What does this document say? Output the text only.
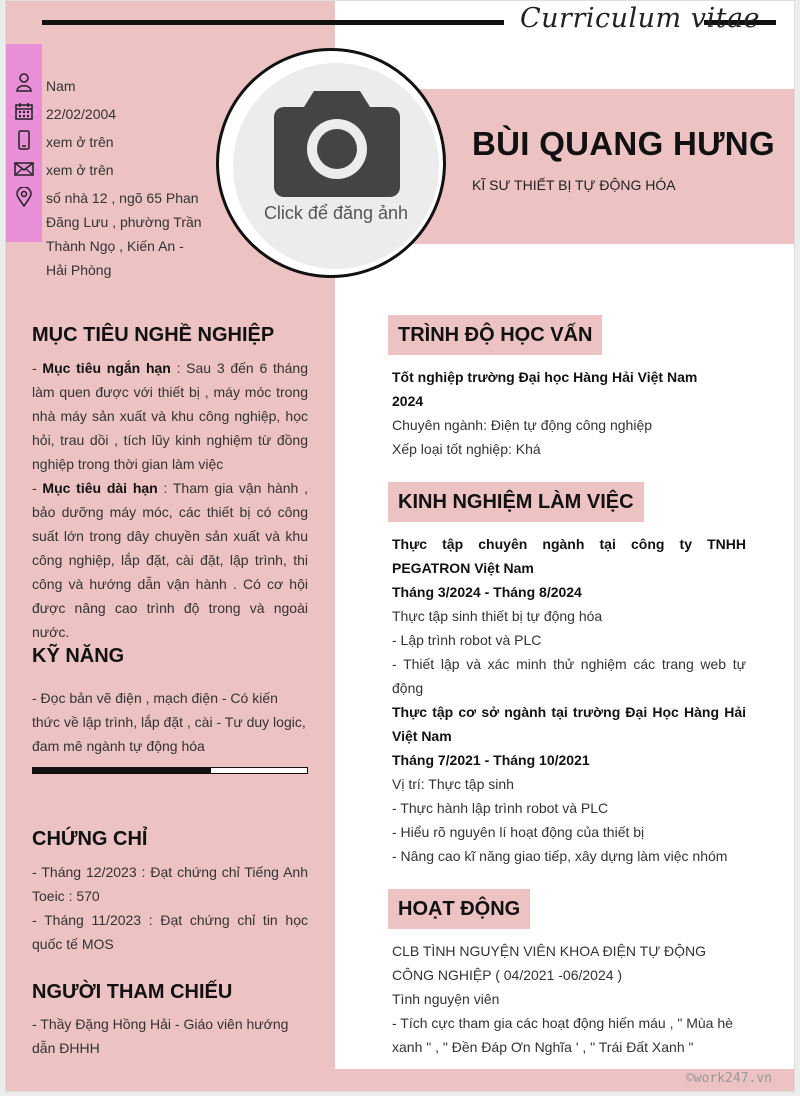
Curriculum vitae
Nam
22/02/2004
xem ở trên
xem ở trên
số nhà 12 , ngõ 65 Phan
Đăng Lưu , phường Trần
Thành Ngọ , Kiến An -
Hải Phòng
Click để đăng ảnh
BÙI QUANG HƯNG
KĨ SƯ THIẾT BỊ TỰ ĐỘNG HÓA
MỤC TIÊU NGHỀ NGHIỆP
- Mục tiêu ngắn hạn : Sau 3 đến 6 tháng làm quen được với thiết bị , máy móc trong nhà máy sản xuất và khu công nghiệp, học hỏi, trau dồi , tích lũy kinh nghiệm từ đồng nghiệp trong thời gian làm việc
- Mục tiêu dài hạn : Tham gia vận hành , bảo dưỡng máy móc, các thiết bị có công suất lớn trong dây chuyền sản xuất và khu công nghiệp, lắp đặt, cài đặt, lập trình, thi công và hướng dẫn vận hành . Có cơ hội được nâng cao trình độ trong và ngoài nước.
KỸ NĂNG
- Đọc bản vẽ điện , mạch điện - Có kiến thức về lập trình, lắp đặt , cài - Tư duy logic, đam mê ngành tự động hóa
CHỨNG CHỈ
- Tháng 12/2023 : Đạt chứng chỉ Tiếng Anh Toeic : 570
- Tháng 11/2023 : Đạt chứng chỉ tin học quốc tế MOS
NGƯỜI THAM CHIẾU
- Thầy Đặng Hồng Hải - Giáo viên hướng dẫn ĐHHH
TRÌNH ĐỘ HỌC VẤN
Tốt nghiệp trường Đại học Hàng Hải Việt Nam
2024
Chuyên ngành: Điện tự động công nghiệp
Xếp loại tốt nghiệp: Khá
KINH NGHIỆM LÀM VIỆC
Thực tập chuyên ngành tại công ty TNHH PEGATRON Việt Nam
Tháng 3/2024 - Tháng 8/2024
Thực tập sinh thiết bị tự động hóa
- Lập trình robot và PLC
- Thiết lập và xác minh thử nghiệm các trang web tự động
Thực tập cơ sở ngành tại trường Đại Học Hàng Hải Việt Nam
Tháng 7/2021 - Tháng 10/2021
Vị trí: Thực tập sinh
- Thực hành lập trình robot và PLC
- Hiểu rõ nguyên lí hoạt động của thiết bị
- Nâng cao kĩ năng giao tiếp, xây dựng làm việc nhóm
HOẠT ĐỘNG
CLB TÌNH NGUYỆN VIÊN KHOA ĐIỆN TỰ ĐỘNG CÔNG NGHIỆP ( 04/2021 -06/2024 )
Tình nguyện viên
- Tích cực tham gia các hoạt động hiến máu , " Mùa hè xanh " , " Đền Đáp Ơn Nghĩa ' , " Trái Đất Xanh "
©work247.vn
